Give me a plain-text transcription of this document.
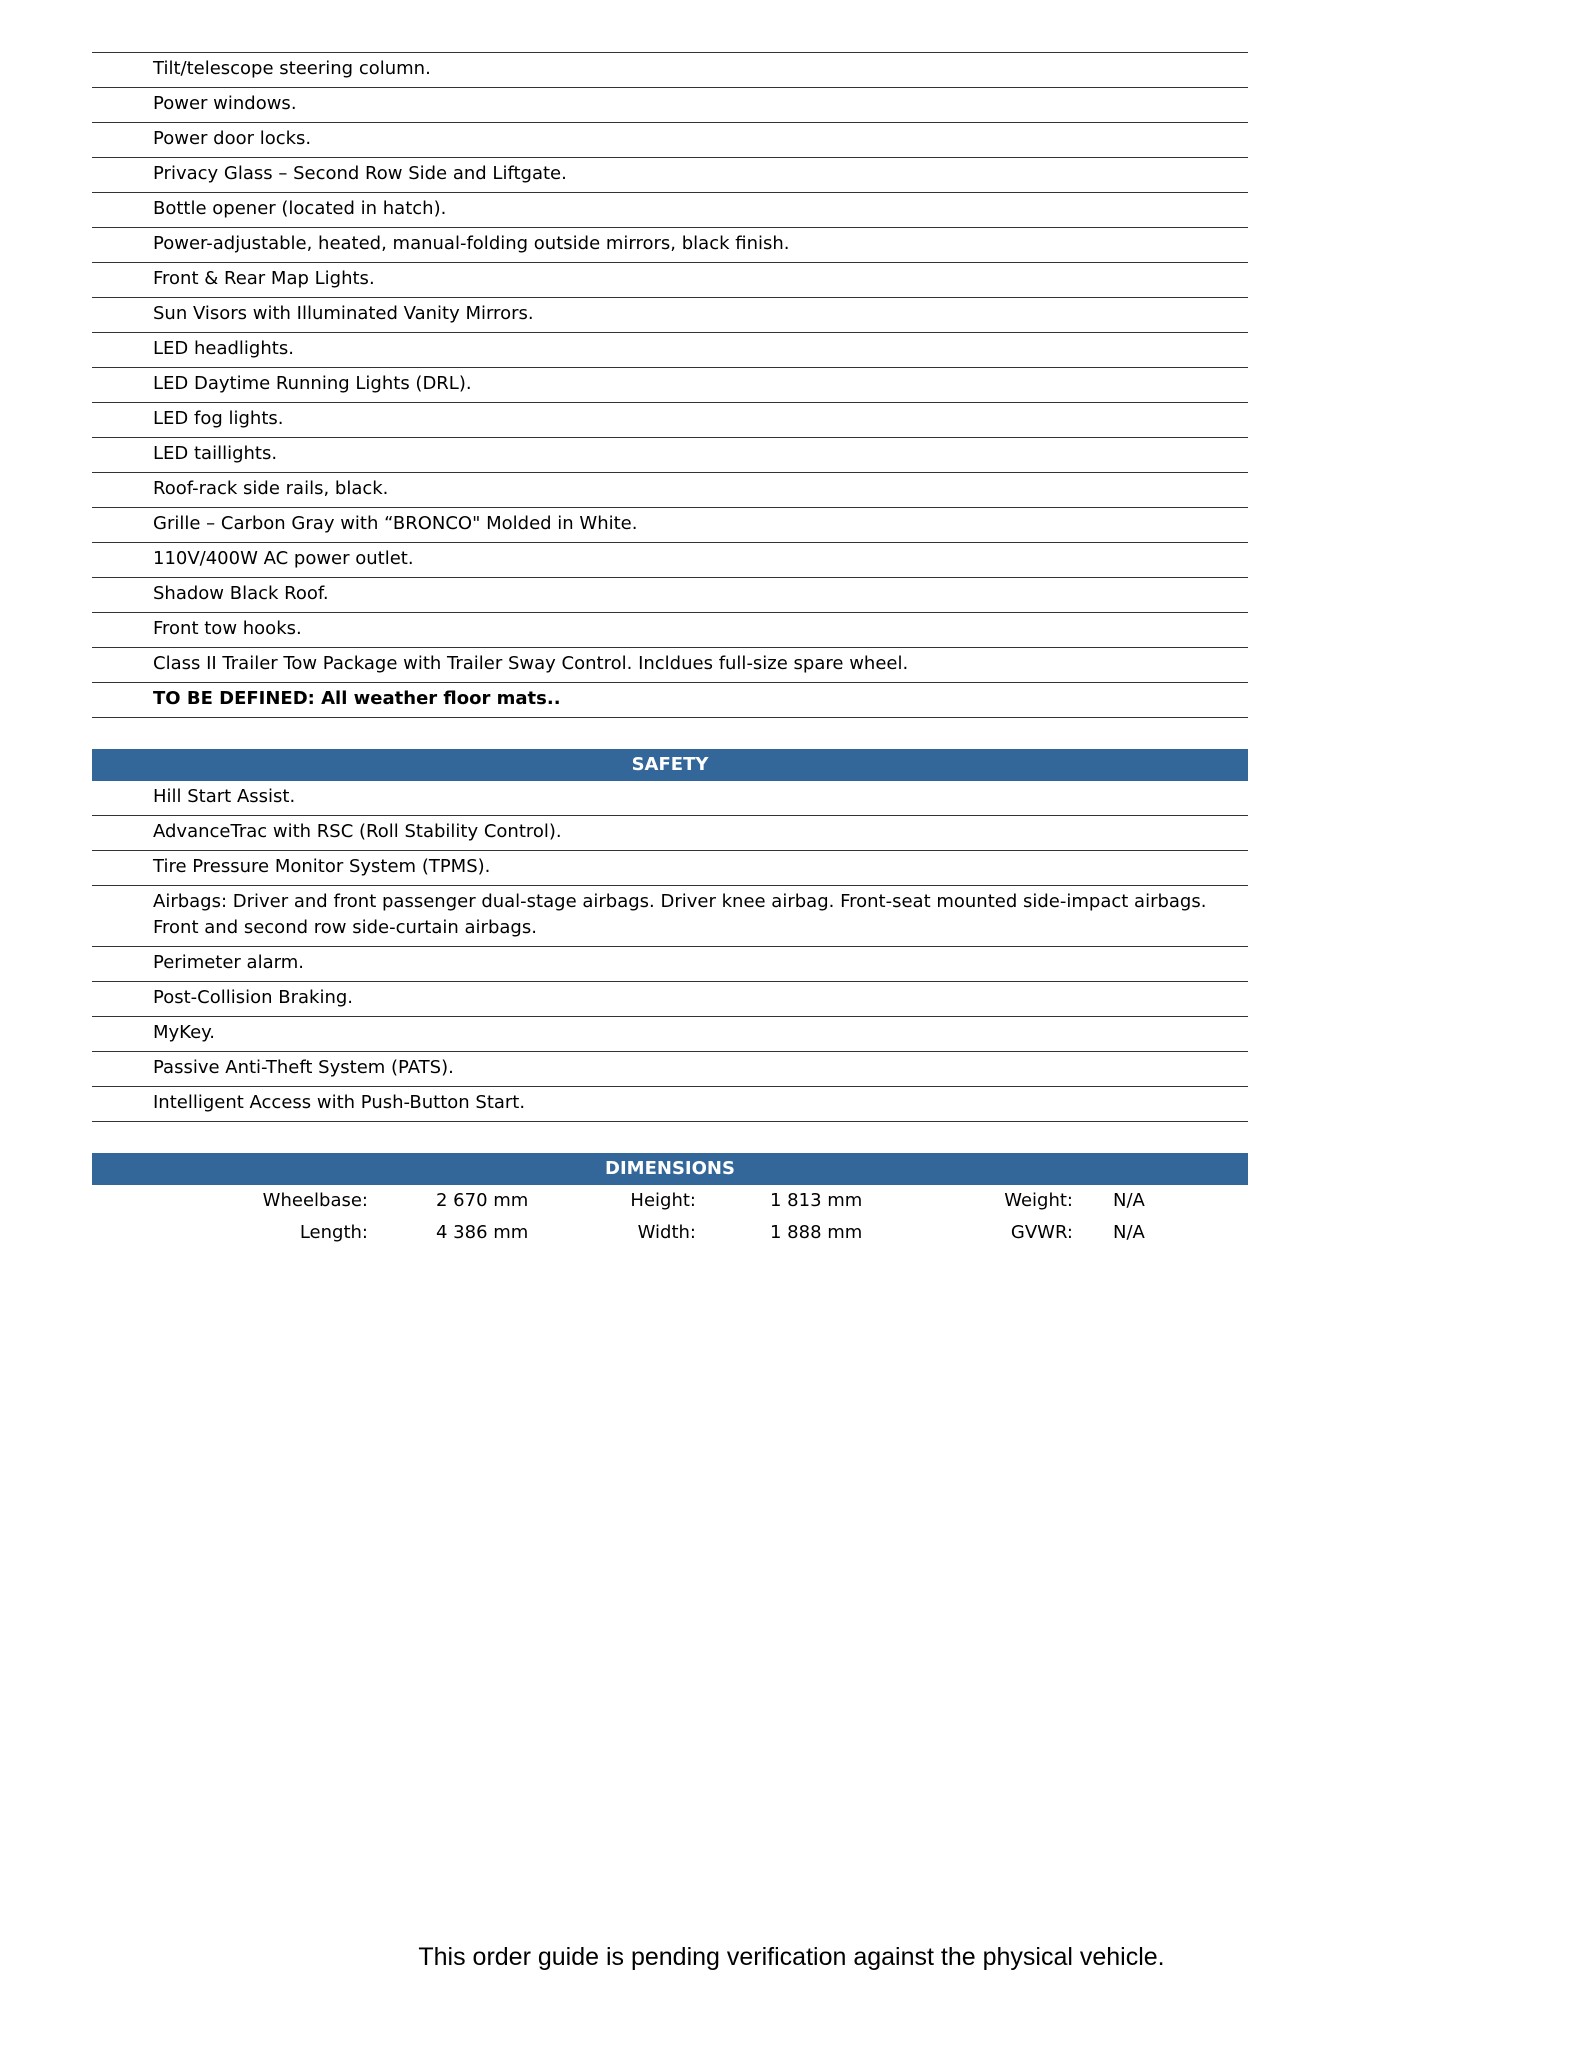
Tilt/telescope steering column.
Power windows.
Power door locks.
Privacy Glass – Second Row Side and Liftgate.
Bottle opener (located in hatch).
Power-adjustable, heated, manual-folding outside mirrors, black finish.
Front & Rear Map Lights.
Sun Visors with Illuminated Vanity Mirrors.
LED headlights.
LED Daytime Running Lights (DRL).
LED fog lights.
LED taillights.
Roof-rack side rails, black.
Grille – Carbon Gray with “BRONCO" Molded in White.
110V/400W AC power outlet.
Shadow Black Roof.
Front tow hooks.
Class II Trailer Tow Package with Trailer Sway Control. Incldues full-size spare wheel.
TO BE DEFINED: All weather floor mats..
SAFETY
Hill Start Assist.
AdvanceTrac with RSC (Roll Stability Control).
Tire Pressure Monitor System (TPMS).
Airbags: Driver and front passenger dual-stage airbags. Driver knee airbag. Front-seat mounted side-impact airbags. Front and second row side-curtain airbags.
Perimeter alarm.
Post-Collision Braking.
MyKey.
Passive Anti-Theft System (PATS).
Intelligent Access with Push-Button Start.
DIMENSIONS
Wheelbase:	2 670 mm	Height:	1 813 mm	Weight: N/A
Length:	4 386 mm	Width:	1 888 mm	GVWR: N/A
This order guide is pending verification against the physical vehicle.
